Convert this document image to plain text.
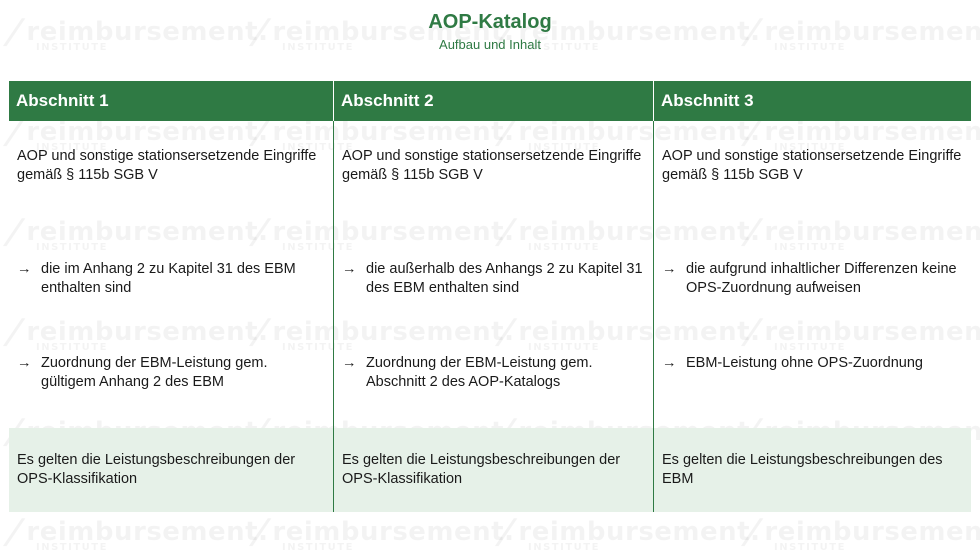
AOP-Katalog
Aufbau und Inhalt
Abschnitt 1	Abschnitt 2	Abschnitt 3
AOP und sonstige stationsersetzende Eingriffe gemäß § 115b SGB V
AOP und sonstige stationsersetzende Eingriffe gemäß § 115b SGB V
AOP und sonstige stationsersetzende Eingriffe gemäß § 115b SGB V
→ die im Anhang 2 zu Kapitel 31 des EBM enthalten sind
→ die außerhalb des Anhangs 2 zu Kapitel 31 des EBM enthalten sind
→ die aufgrund inhaltlicher Differenzen keine OPS-Zuordnung aufweisen
→ Zuordnung der EBM-Leistung gem. gültigem Anhang 2 des EBM
→ Zuordnung der EBM-Leistung gem. Abschnitt 2 des AOP-Katalogs
→ EBM-Leistung ohne OPS-Zuordnung
Es gelten die Leistungsbeschreibungen der OPS-Klassifikation
Es gelten die Leistungsbeschreibungen der OPS-Klassifikation
Es gelten die Leistungsbeschreibungen des EBM
